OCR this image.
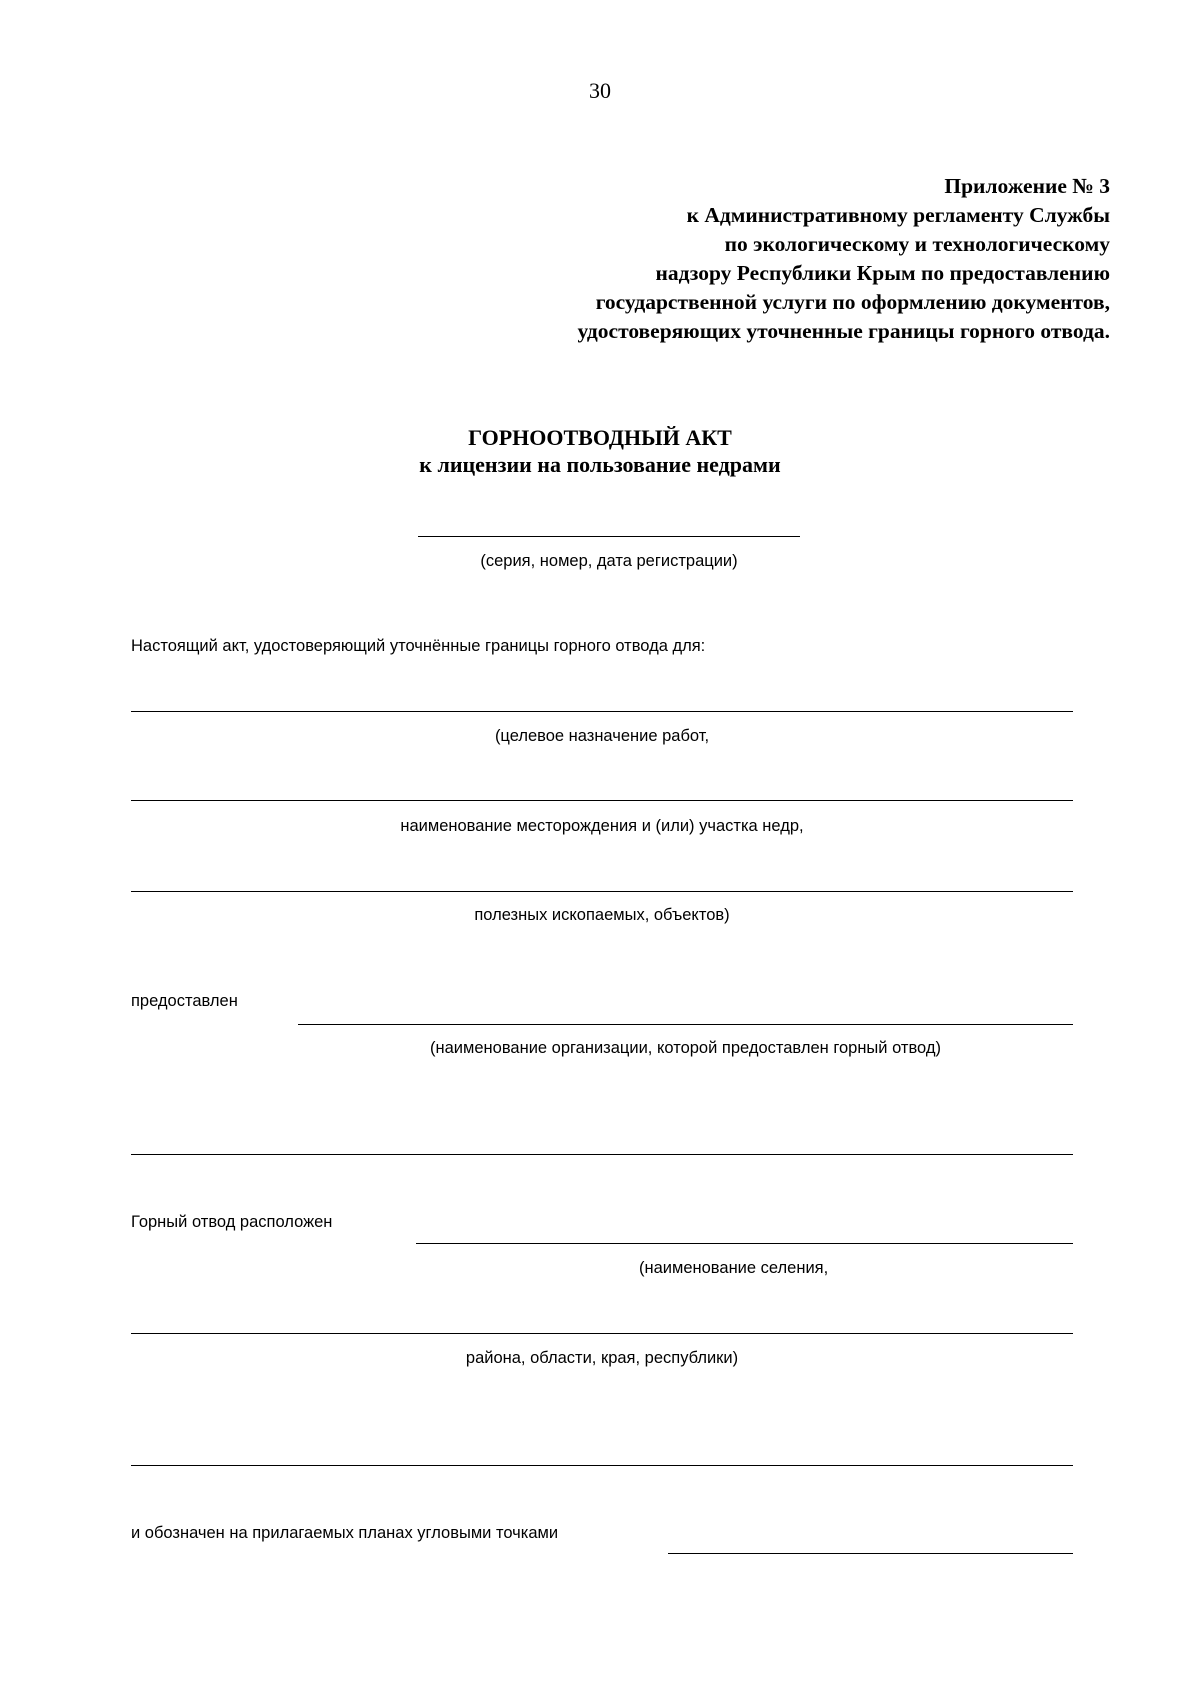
30
Приложение № 3
к Административному регламенту Службы
по экологическому и технологическому
надзору Республики Крым по предоставлению
государственной услуги по оформлению документов,
удостоверяющих уточненные границы горного отвода.
ГОРНООТВОДНЫЙ АКТ
к лицензии на пользование недрами
(серия, номер, дата регистрации)
Настоящий акт, удостоверяющий уточнённые границы горного отвода для:
(целевое назначение работ,
наименование месторождения и (или) участка недр,
полезных ископаемых, объектов)
предоставлен
(наименование организации, которой предоставлен горный отвод)
Горный отвод расположен
(наименование селения,
района, области, края, республики)
и обозначен на прилагаемых планах угловыми точками
